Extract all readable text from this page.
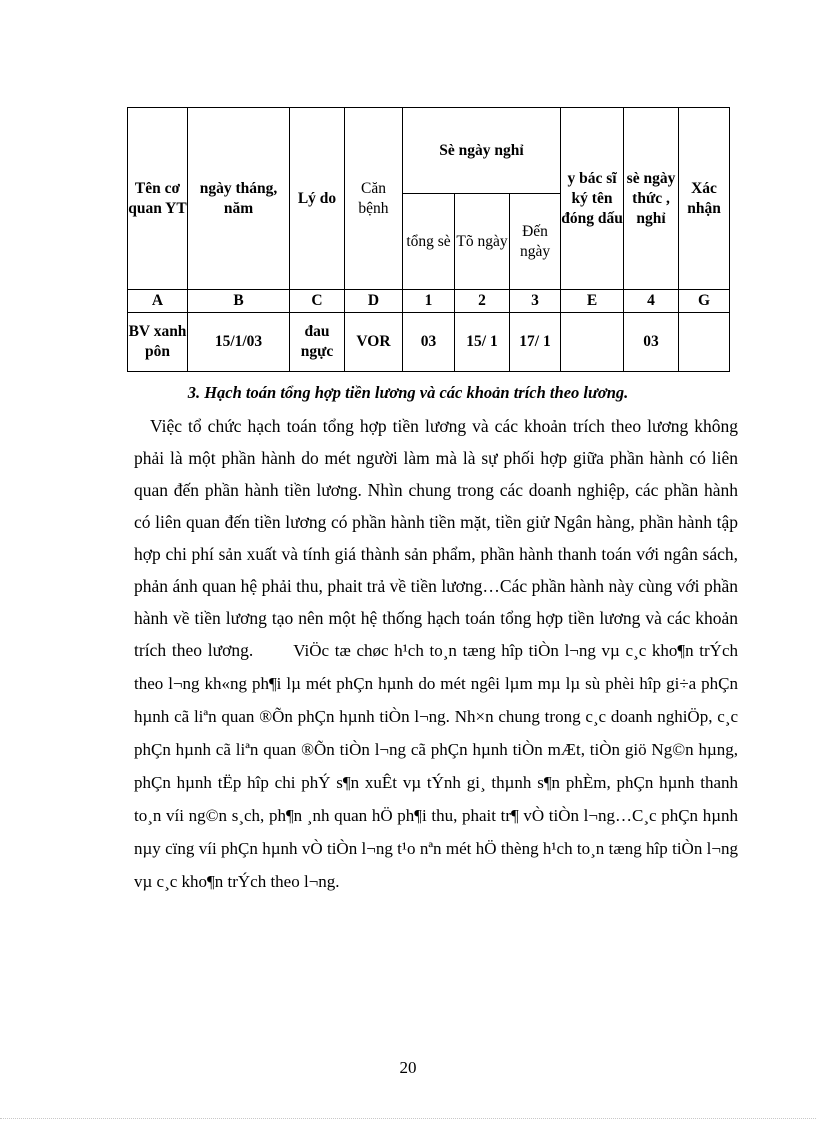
Tên cơ quan YT	ngày tháng, năm	Lý do	Căn bệnh	Sè ngày nghỉ			y bác sĩ ký tên đóng dấu	sè ngày thức , nghỉ	Xác nhận
				tổng sè	Tõ ngày	Đến ngày			
A	B	C	D	1	2	3	E	4	G
BV xanh pôn	15/1/03	đau ngực	VOR	03	15/ 1	17/ 1		03	
3. Hạch toán tổng hợp tiền lương và các khoản trích theo lương.

Việc tổ chức hạch toán tổng hợp tiền lương và các khoản trích theo lương không phải là một phần hành do mét người làm mà là sự phối hợp giữa phần hành có liên quan đến phần hành tiền lương. Nhìn chung trong các doanh nghiệp, các phần hành có liên quan đến tiền lương có phần hành tiền mặt, tiền giử Ngân hàng, phần hành tập hợp chi phí sản xuất và tính giá thành sản phẩm, phần hành thanh toán với ngân sách, phản ánh quan hệ phải thu, phait trả về tiền lương…Các phần hành này cùng với phần hành về tiền lương tạo nên một hệ thống hạch toán tổng hợp tiền lương và các khoản trích theo lương. ViÖc tæ chøc h¹ch to¸n tæng hîp tiÒn l¬ng vµ c¸c kho¶n trÝch theo l¬ng kh«ng ph¶i lµ mét phÇn hµnh do mét ngêi lµm mµ lµ sù phèi hîp gi÷a phÇn hµnh cã liªn quan ®Õn phÇn hµnh tiÒn l¬ng. Nh×n chung trong c¸c doanh nghiÖp, c¸c phÇn hµnh cã liªn quan ®Õn tiÒn l¬ng cã phÇn hµnh tiÒn mÆt, tiÒn giö Ng©n hµng, phÇn hµnh tËp hîp chi phÝ s¶n xuÊt vµ tÝnh gi¸ thµnh s¶n phÈm, phÇn hµnh thanh to¸n víi ng©n s¸ch, ph¶n ¸nh quan hÖ ph¶i thu, phait tr¶ vÒ tiÒn l¬ng…C¸c phÇn hµnh nµy cïng víi phÇn hµnh vÒ tiÒn l¬ng t¹o nªn mét hÖ thèng h¹ch to¸n tæng hîp tiÒn l¬ng vµ c¸c kho¶n trÝch theo l¬ng.

20
